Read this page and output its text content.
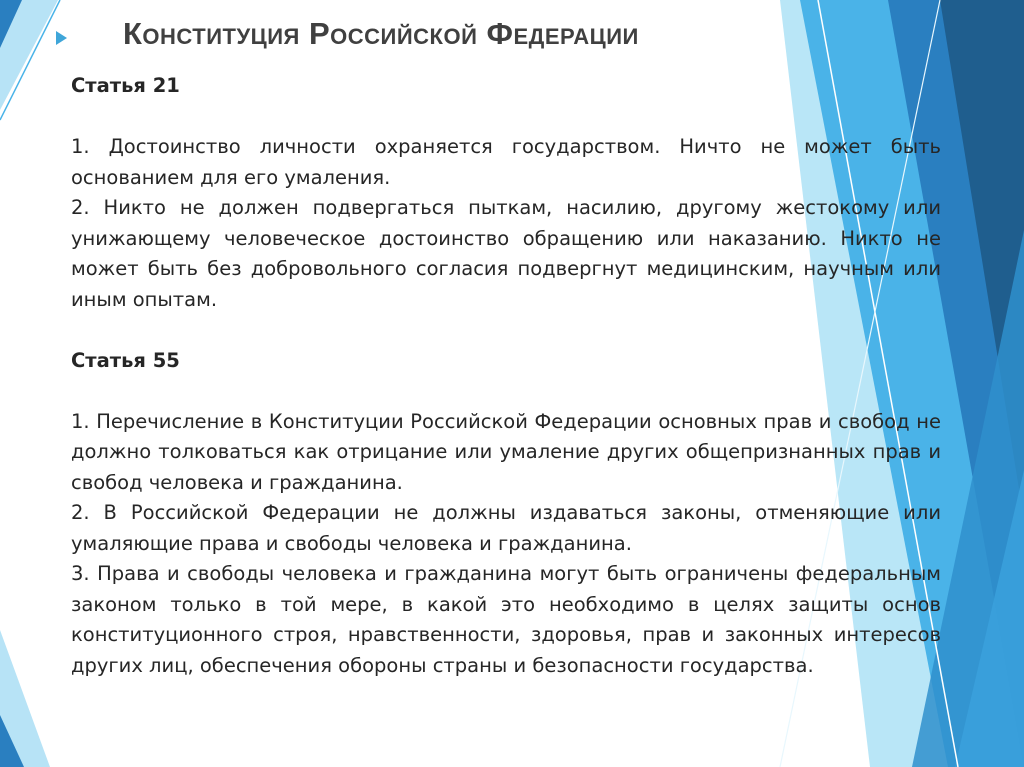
Конституция Российской Федерации

Статья 21

1. Достоинство личности охраняется государством. Ничто не может быть основанием для его умаления.

2. Никто не должен подвергаться пыткам, насилию, другому жестокому или унижающему человеческое достоинство обращению или наказанию. Никто не может быть без добровольного согласия подвергнут медицинским, научным или иным опытам.

Статья 55

1. Перечисление в Конституции Российской Федерации основных прав и свобод не должно толковаться как отрицание или умаление других общепризнанных прав и свобод человека и гражданина.

2. В Российской Федерации не должны издаваться законы, отменяющие или умаляющие права и свободы человека и гражданина.

3. Права и свободы человека и гражданина могут быть ограничены федеральным законом только в той мере, в какой это необходимо в целях защиты основ конституционного строя, нравственности, здоровья, прав и законных интересов других лиц, обеспечения обороны страны и безопасности государства.
